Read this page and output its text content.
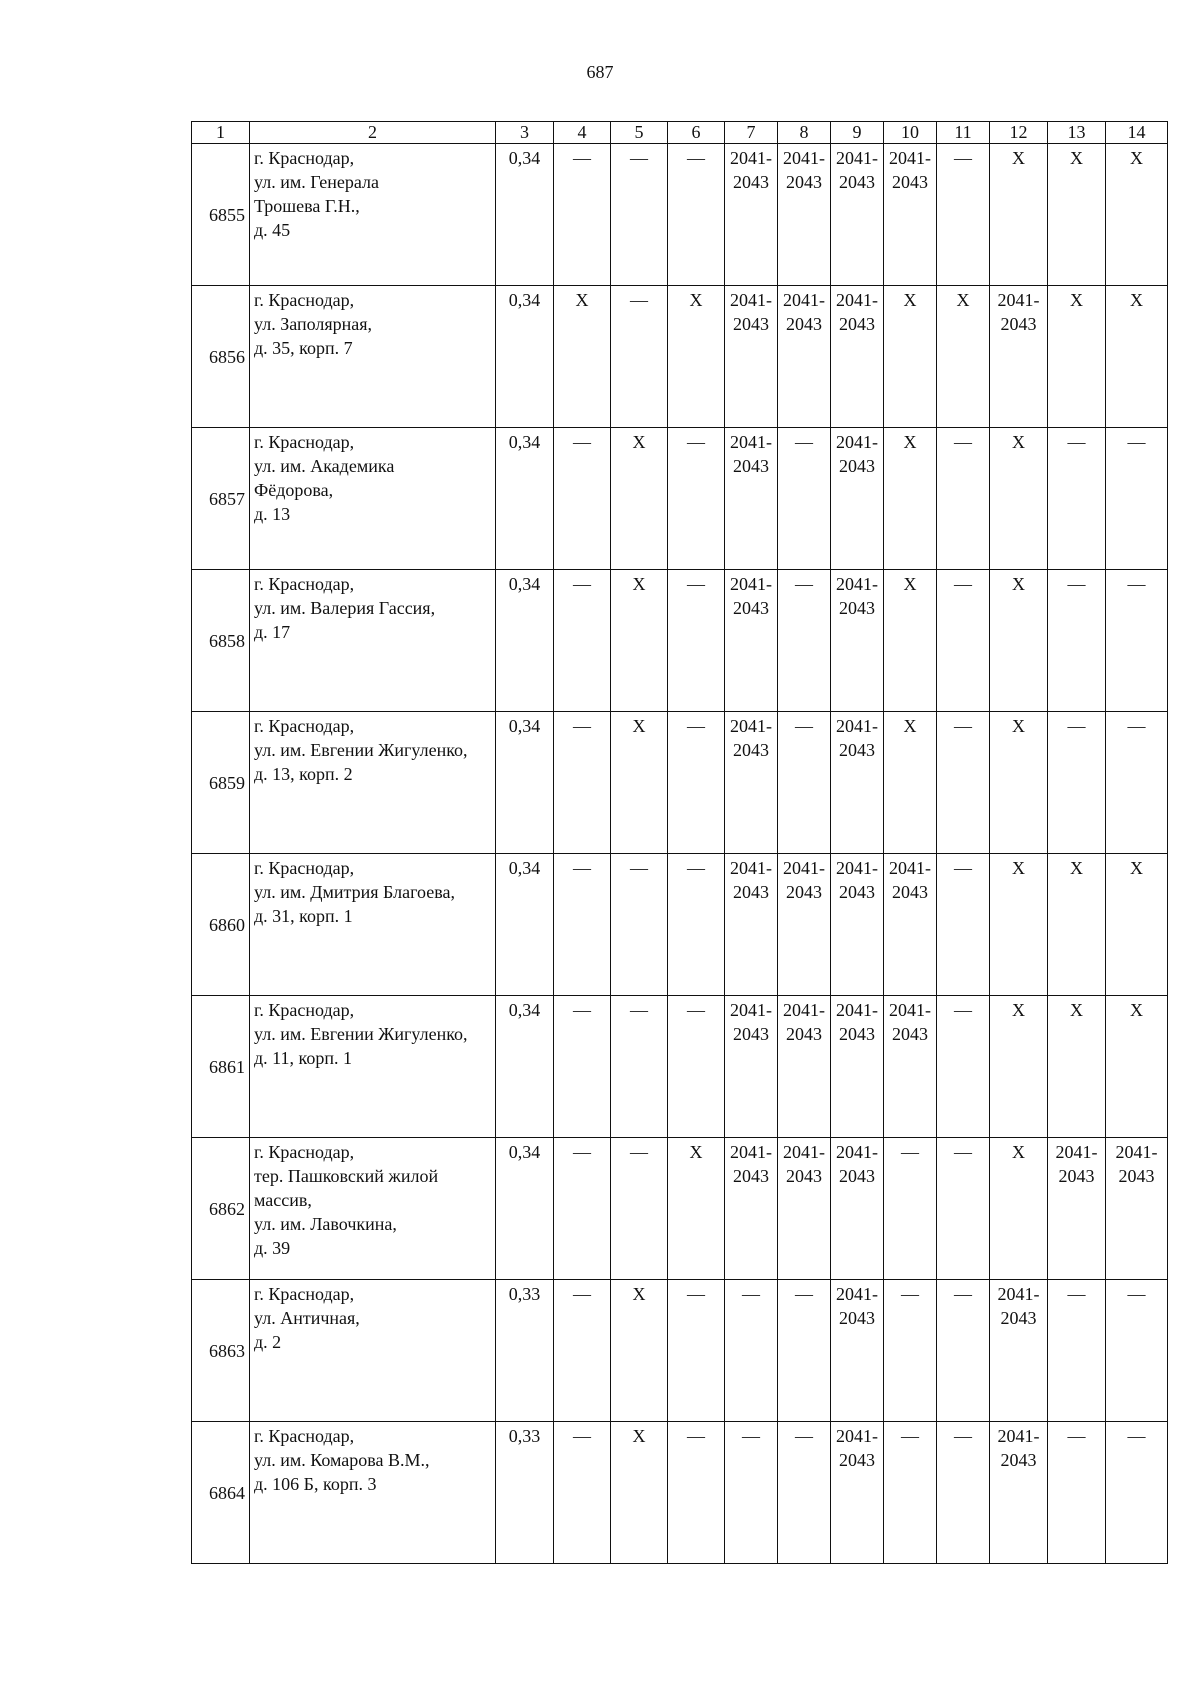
687
1	2	3	4	5	6	7	8	9	10	11	12	13	14
6855	г. Краснодар,
ул. им. Генерала
Трошева Г.Н.,
д. 45	0,34	—	—	—	2041-
2043	2041-
2043	2041-
2043	2041-
2043	—	Х	Х	Х
6856	г. Краснодар,
ул. Заполярная,
д. 35, корп. 7	0,34	Х	—	Х	2041-
2043	2041-
2043	2041-
2043	Х	Х	2041-
2043	Х	Х
6857	г. Краснодар,
ул. им. Академика
Фёдорова,
д. 13	0,34	—	Х	—	2041-
2043	—	2041-
2043	Х	—	Х	—	—
6858	г. Краснодар,
ул. им. Валерия Гассия,
д. 17	0,34	—	Х	—	2041-
2043	—	2041-
2043	Х	—	Х	—	—
6859	г. Краснодар,
ул. им. Евгении Жигуленко,
д. 13, корп. 2	0,34	—	Х	—	2041-
2043	—	2041-
2043	Х	—	Х	—	—
6860	г. Краснодар,
ул. им. Дмитрия Благоева,
д. 31, корп. 1	0,34	—	—	—	2041-
2043	2041-
2043	2041-
2043	2041-
2043	—	Х	Х	Х
6861	г. Краснодар,
ул. им. Евгении Жигуленко,
д. 11, корп. 1	0,34	—	—	—	2041-
2043	2041-
2043	2041-
2043	2041-
2043	—	Х	Х	Х
6862	г. Краснодар,
тер. Пашковский жилой
массив,
ул. им. Лавочкина,
д. 39	0,34	—	—	Х	2041-
2043	2041-
2043	2041-
2043	—	—	Х	2041-
2043	2041-
2043
6863	г. Краснодар,
ул. Античная,
д. 2	0,33	—	Х	—	—	—	2041-
2043	—	—	2041-
2043	—	—
6864	г. Краснодар,
ул. им. Комарова В.М.,
д. 106 Б, корп. 3	0,33	—	Х	—	—	—	2041-
2043	—	—	2041-
2043	—	—
